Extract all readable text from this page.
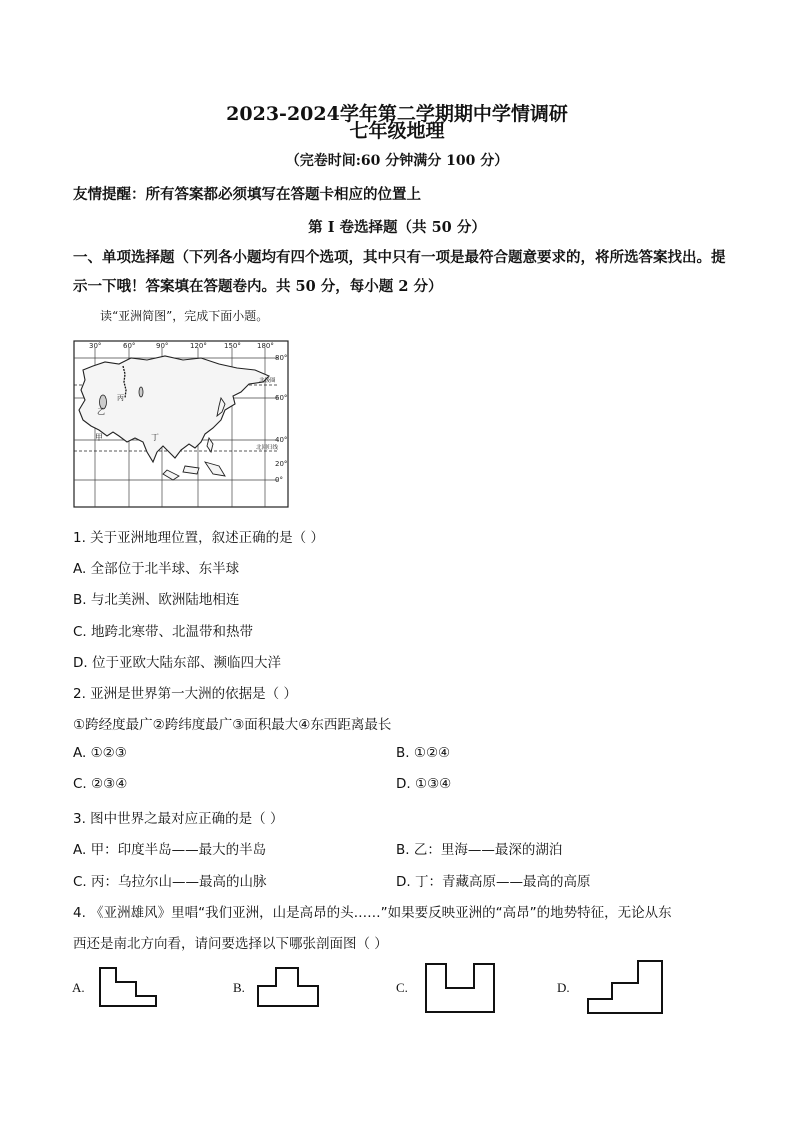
2023-2024学年第二学期期中学情调研
七年级地理
（完卷时间:60 分钟满分 100 分）
友情提醒：所有答案都必须填写在答题卡相应的位置上
第 I 卷选择题（共 50 分）
一、单项选择题（下列各小题均有四个选项，其中只有一项是最符合题意要求的，将所选答案找出。提示一下哦！答案填在答题卷内。共 50 分，每小题 2 分）
读“亚洲简图”，完成下面小题。
30°	60°	90°	120° 150° 180°
80°
60°
40°
20°
0°
北极圈
北回归线
甲
乙
丙
丁
1. 关于亚洲地理位置，叙述正确的是（ ）
A. 全部位于北半球、东半球
B. 与北美洲、欧洲陆地相连
C. 地跨北寒带、北温带和热带
D. 位于亚欧大陆东部、濒临四大洋
2. 亚洲是世界第一大洲的依据是（ ）
①跨经度最广②跨纬度最广③面积最大④东西距离最长
A. ①②③	B. ①②④
C. ②③④	D. ①③④
3. 图中世界之最对应正确的是（ ）
A. 甲：印度半岛——最大的半岛	B. 乙：里海——最深的湖泊
C. 丙：乌拉尔山——最高的山脉	D. 丁：青藏高原——最高的高原
4. 《亚洲雄风》里唱“我们亚洲，山是高昂的头……”如果要反映亚洲的“高昂”的地势特征，无论从东
西还是南北方向看，请问要选择以下哪张剖面图（ ）
A.	B.	C.	D.
